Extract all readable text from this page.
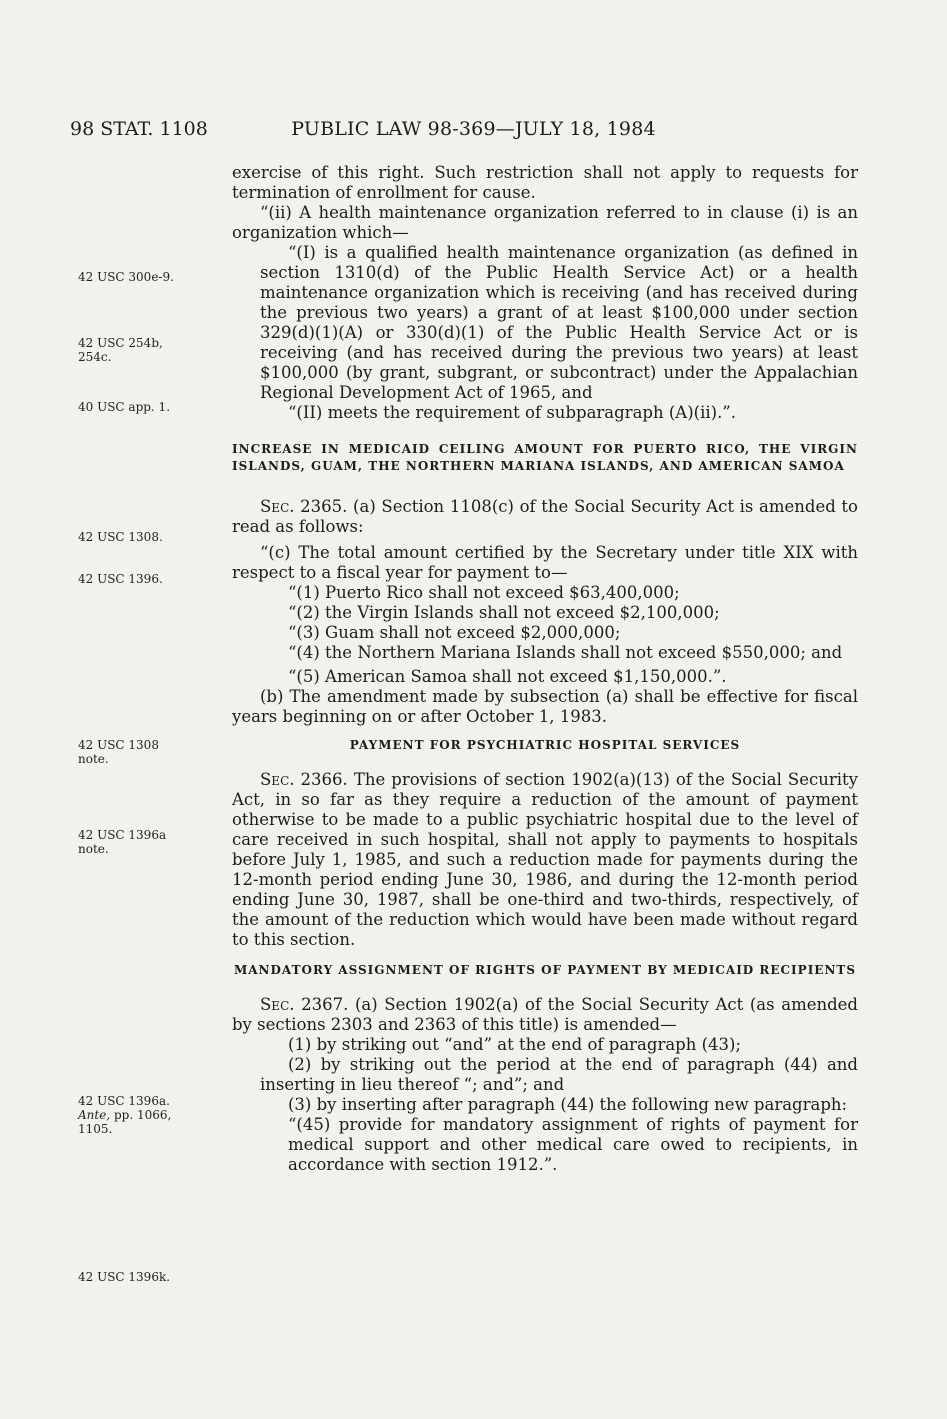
98 STAT. 1108	PUBLIC LAW 98-369—JULY 18, 1984
42 USC 300e-9.
42 USC 254b,
254c.
40 USC app. 1.
42 USC 1308.
42 USC 1396.
42 USC 1308
note.
42 USC 1396a
note.
42 USC 1396a.
Ante, pp. 1066,
1105.
42 USC 1396k.

exercise of this right. Such restriction shall not apply to requests for termination of enrollment for cause.

“(ii) A health maintenance organization referred to in clause (i) is an organization which—

“(I) is a qualified health maintenance organization (as defined in section 1310(d) of the Public Health Service Act) or a health maintenance organization which is receiving (and has received during the previous two years) a grant of at least $100,000 under section 329(d)(1)(A) or 330(d)(1) of the Public Health Service Act or is receiving (and has received during the previous two years) at least $100,000 (by grant, subgrant, or subcontract) under the Appalachian Regional Development Act of 1965, and

“(II) meets the requirement of subparagraph (A)(ii).”.

INCREASE IN MEDICAID CEILING AMOUNT FOR PUERTO RICO, THE VIRGIN ISLANDS, GUAM, THE NORTHERN MARIANA ISLANDS, AND AMERICAN SAMOA

Sec. 2365. (a) Section 1108(c) of the Social Security Act is amended to read as follows:

“(c) The total amount certified by the Secretary under title XIX with respect to a fiscal year for payment to—

“(1) Puerto Rico shall not exceed $63,400,000;

“(2) the Virgin Islands shall not exceed $2,100,000;

“(3) Guam shall not exceed $2,000,000;

“(4) the Northern Mariana Islands shall not exceed $550,000; and

“(5) American Samoa shall not exceed $1,150,000.”.

(b) The amendment made by subsection (a) shall be effective for fiscal years beginning on or after October 1, 1983.

PAYMENT FOR PSYCHIATRIC HOSPITAL SERVICES

Sec. 2366. The provisions of section 1902(a)(13) of the Social Security Act, in so far as they require a reduction of the amount of payment otherwise to be made to a public psychiatric hospital due to the level of care received in such hospital, shall not apply to payments to hospitals before July 1, 1985, and such a reduction made for payments during the 12-month period ending June 30, 1986, and during the 12-month period ending June 30, 1987, shall be one-third and two-thirds, respectively, of the amount of the reduction which would have been made without regard to this section.

MANDATORY ASSIGNMENT OF RIGHTS OF PAYMENT BY MEDICAID RECIPIENTS

Sec. 2367. (a) Section 1902(a) of the Social Security Act (as amended by sections 2303 and 2363 of this title) is amended—

(1) by striking out “and” at the end of paragraph (43);

(2) by striking out the period at the end of paragraph (44) and inserting in lieu thereof “; and”; and

(3) by inserting after paragraph (44) the following new paragraph:

“(45) provide for mandatory assignment of rights of payment for medical support and other medical care owed to recipients, in accordance with section 1912.”.
